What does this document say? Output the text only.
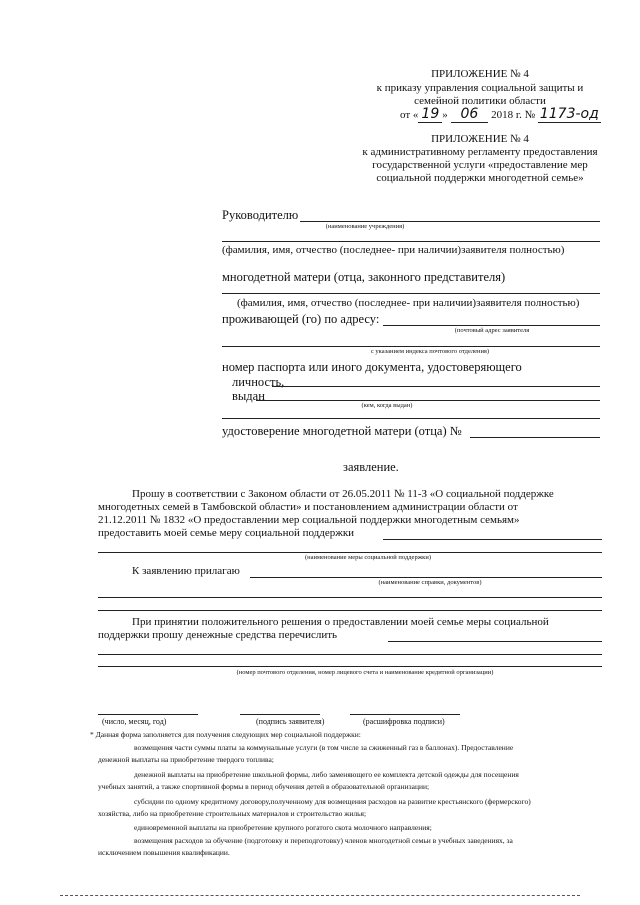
ПРИЛОЖЕНИЕ № 4
к приказу управления социальной защиты и
семейной политики области
от « 19 » 06 2018 г. № 1173-од
ПРИЛОЖЕНИЕ № 4
к административному регламенту предоставления
государственной услуги «предоставление мер
социальной поддержки многодетной семье»
Руководителю
(наименование учреждения)
(фамилия, имя, отчество (последнее- при наличии)заявителя полностью)
многодетной матери (отца, законного представителя)
(фамилия, имя, отчество (последнее- при наличии)заявителя полностью)
проживающей (го) по адресу:
(почтовый адрес заявителя
с указанием индекса почтового отделения)
номер паспорта или иного документа, удостоверяющего
личность,
выдан
(кем, когда выдан)
удостоверение многодетной матери (отца) №
заявление.
Прошу в соответствии с Законом области от 26.05.2011 № 11-З «О социальной поддержке
многодетных семей в Тамбовской области» и постановлением администрации области от
21.12.2011 № 1832 «О предоставлении мер социальной поддержки многодетным семьям»
предоставить моей семье меру социальной поддержки
(наименование меры социальной поддержки)
К заявлению прилагаю
(наименование справки, документов)
При принятии положительного решения о предоставлении моей семье меры социальной
поддержки прошу денежные средства перечислить
(номер почтового отделения, номер лицевого счета и наименование кредитной организации)
(число, месяц, год)	(подпись заявителя)	(расшифровка подписи)
* Данная форма заполняется для получения следующих мер социальной поддержки:
возмещения части суммы платы за коммунальные услуги (в том числе за сжиженный газ в баллонах). Предоставление
денежной выплаты на приобретение твердого топлива;
денежной выплаты на приобретение школьной формы, либо заменяющего ее комплекта детской одежды для посещения
учебных занятий, а также спортивной формы в период обучения детей в образовательной организации;
субсидии по одному кредитному договору,полученному для возмещения расходов на развитие крестьянского (фермерского)
хозяйства, либо на приобретение строительных материалов и строительство жилья;
единовременной выплаты на приобретение крупного рогатого скота молочного направления;
возмещения расходов за обучение (подготовку и переподготовку) членов многодетной семьи в учебных заведениях, за
исключением повышения квалификации.
